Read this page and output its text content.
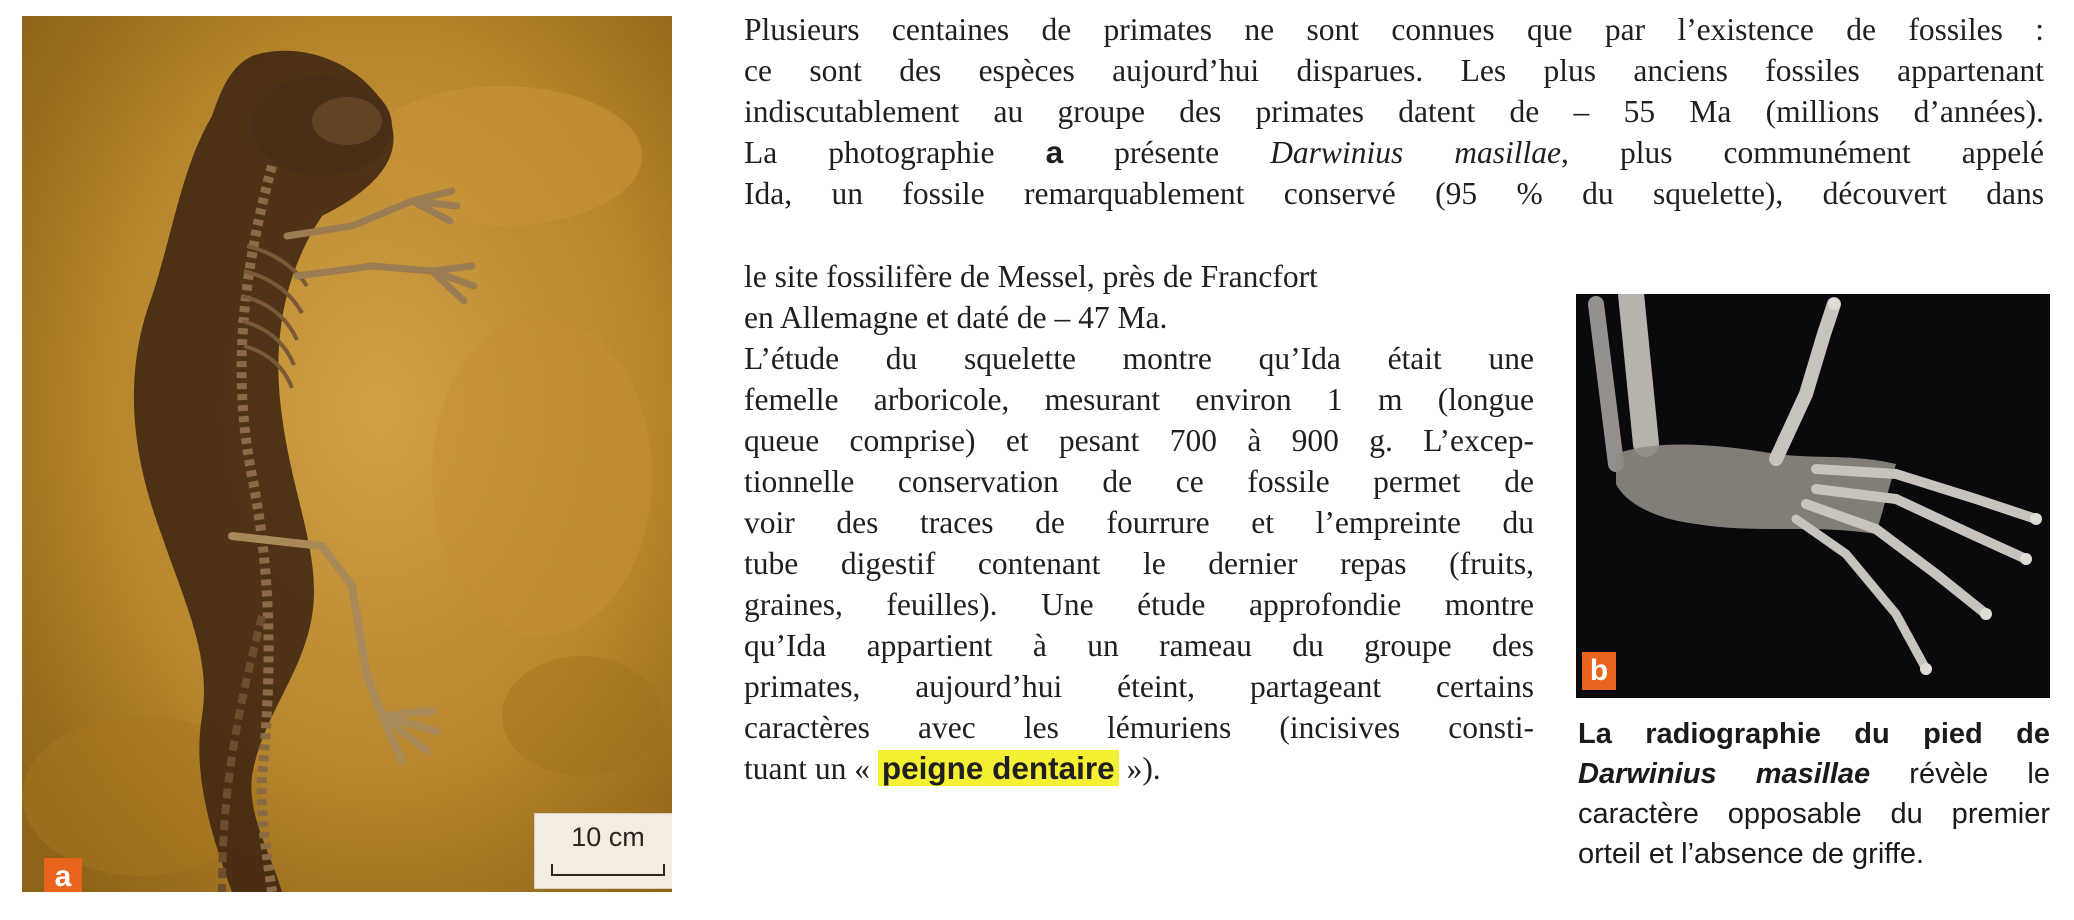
10 cm
a

Plusieurs centaines de primates ne sont connues que par l’existence de fossiles :
ce sont des espèces aujourd’hui disparues. Les plus anciens fossiles appartenant
indiscutablement au groupe des primates datent de – 55 Ma (millions d’années).
La photographie a présente Darwinius masillae, plus communément appelé
Ida, un fossile remarquablement conservé (95 % du squelette), découvert dans

le site fossilifère de Messel, près de Francfort
en Allemagne et daté de – 47 Ma.
L’étude du squelette montre qu’Ida était une
femelle arboricole, mesurant environ 1 m (longue
queue comprise) et pesant 700 à 900 g. L’excep-
tionnelle conservation de ce fossile permet de
voir des traces de fourrure et l’empreinte du
tube digestif contenant le dernier repas (fruits,
graines, feuilles). Une étude approfondie montre
qu’Ida appartient à un rameau du groupe des
primates, aujourd’hui éteint, partageant certains
caractères avec les lémuriens (incisives consti-
tuant un « peigne dentaire »).

b

La radiographie du pied de
Darwinius masillae révèle le
caractère opposable du premier
orteil et l’absence de griffe.
